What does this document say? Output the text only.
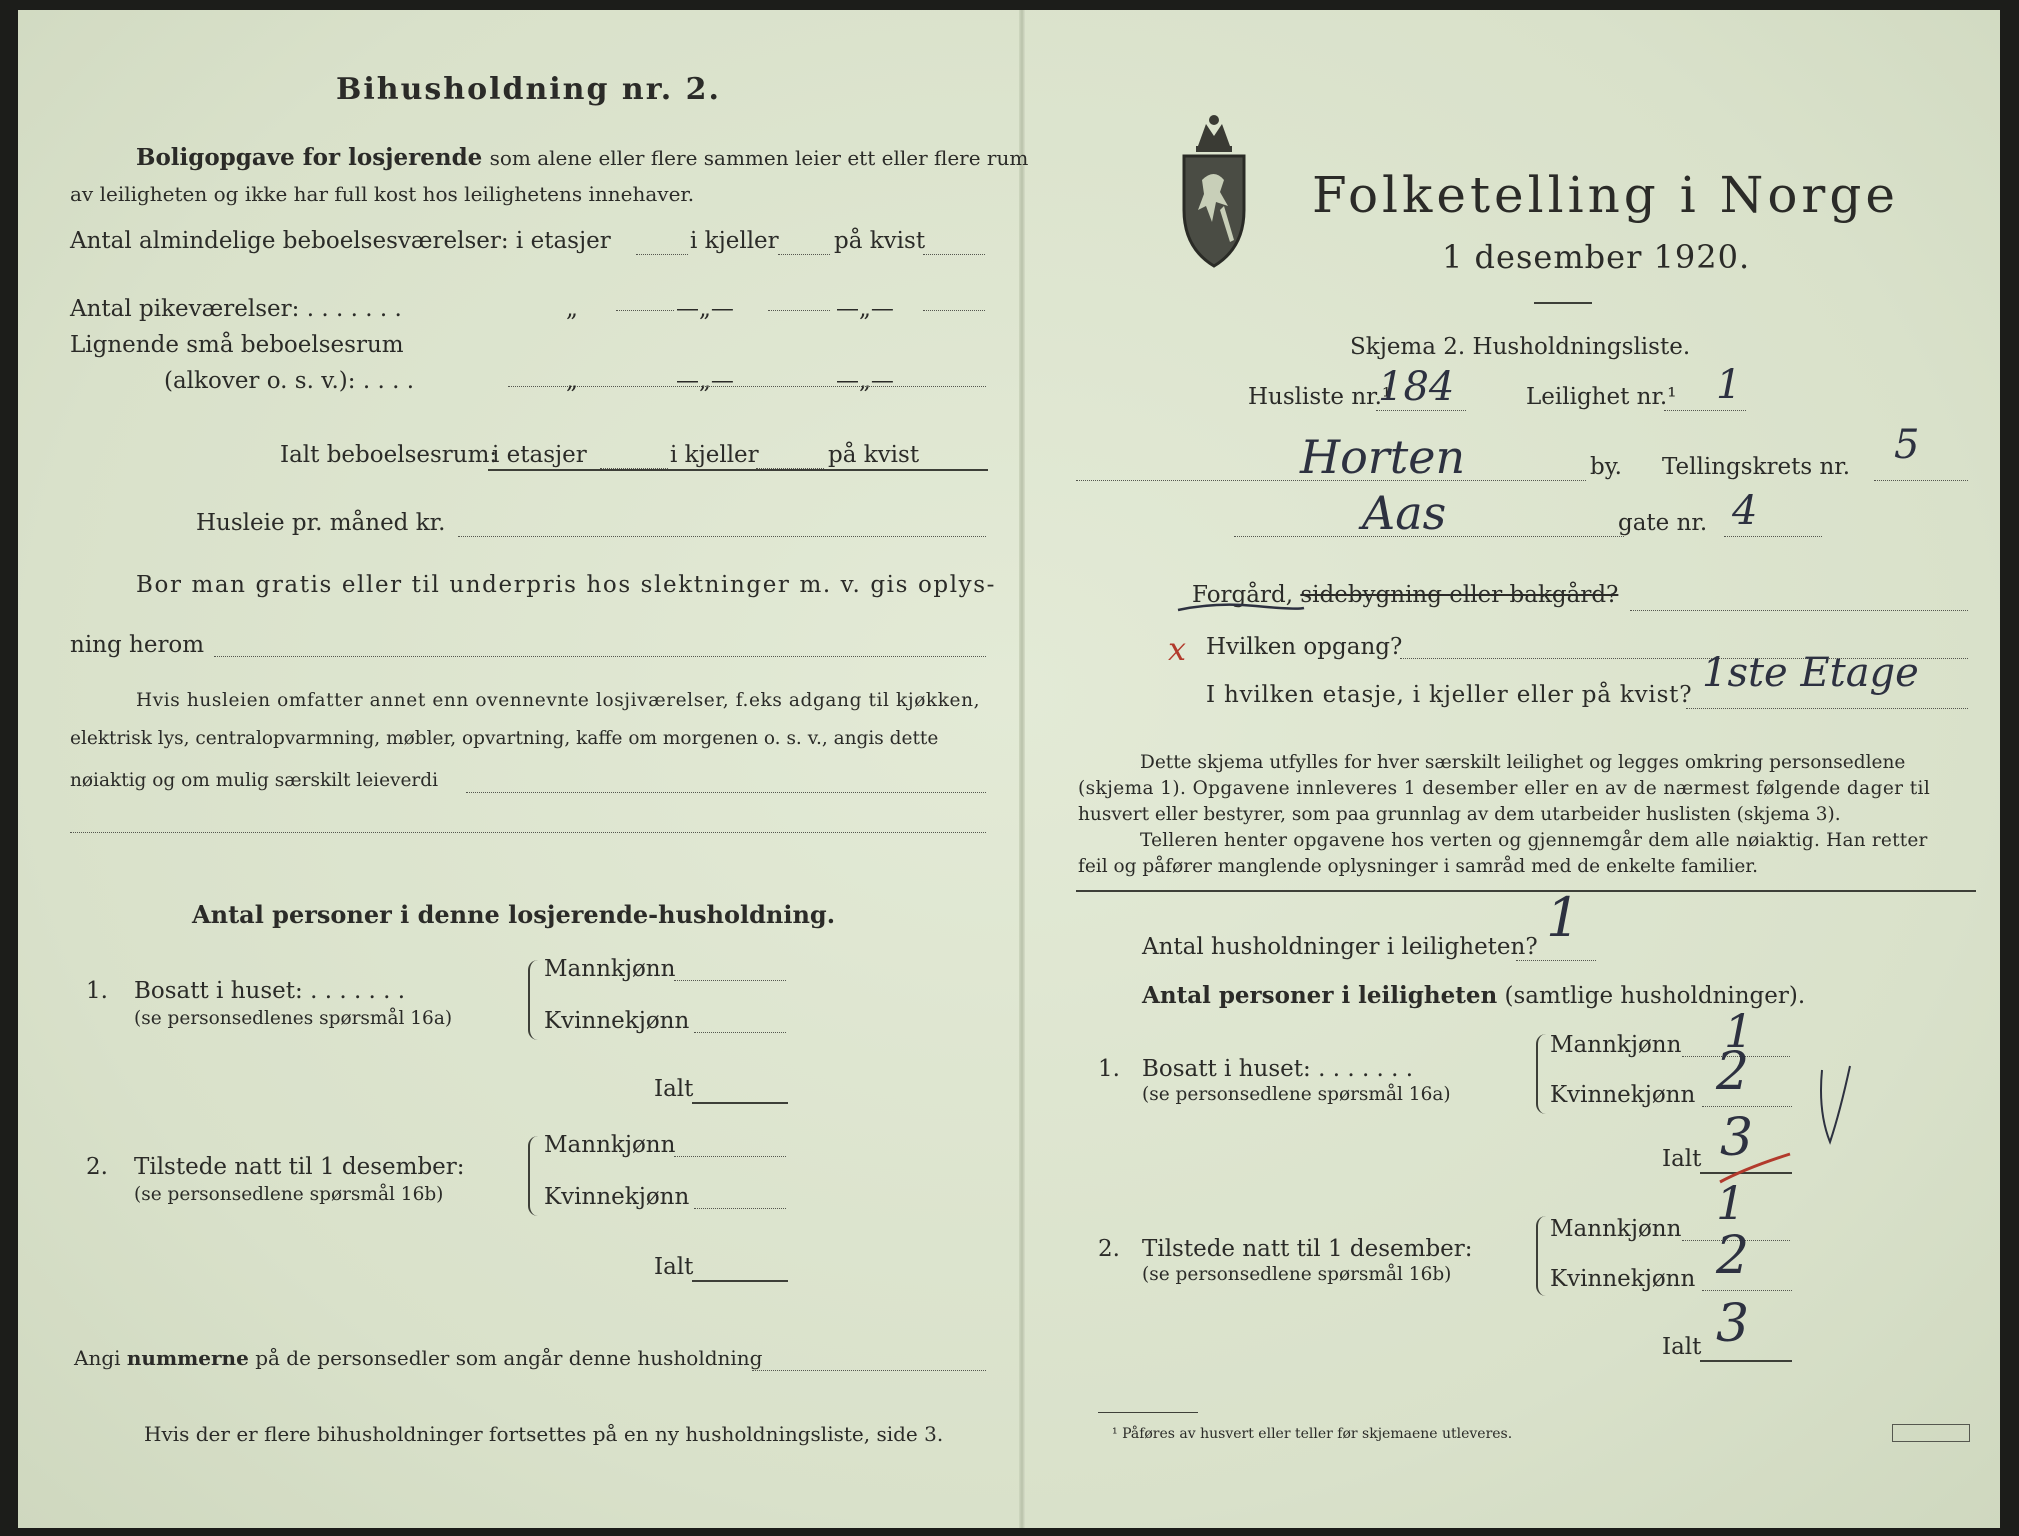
Bihusholdning nr. 2.
Boligopgave for losjerende som alene eller flere sammen leier ett eller flere rum
av leiligheten og ikke har full kost hos leilighetens innehaver.
Antal almindelige beboelsesværelser: i etasjer	i kjeller på kvist
Antal pikeværelser: . . . . . . .	„	—„—	—„—
Lignende små beboelsesrum
(alkover o. s. v.): . . . .	„	—„—	—„—
Ialt beboelsesrum:
i etasjer	i kjeller	på kvist
Husleie pr. måned kr.
Bor man gratis eller til underpris hos slektninger m. v. gis oplys-
ning herom
Hvis husleien omfatter annet enn ovennevnte losjiværelser, f.eks adgang til kjøkken,
elektrisk lys, centralopvarmning, møbler, opvartning, kaffe om morgenen o. s. v., angis dette
nøiaktig og om mulig særskilt leieverdi
Antal personer i denne losjerende-husholdning.
1. Bosatt i huset: . . . . . . .
(se personsedlenes spørsmål 16a)
Mannkjønn
Kvinnekjønn
Ialt
2. Tilstede natt til 1 desember:
(se personsedlene spørsmål 16b)
Mannkjønn
Kvinnekjønn
Ialt
Angi nummerne på de personsedler som angår denne husholdning
Hvis der er flere bihusholdninger fortsettes på en ny husholdningsliste, side 3.
Folketelling i Norge
1 desember 1920.
Skjema 2. Husholdningsliste.
Husliste nr.¹
184	Leilighet nr.¹ 1
Horten	by. Tellingskrets nr. 5
Aas	gate nr. 4
Forgård, sidebygning eller bakgård?
x Hvilken opgang?
I hvilken etasje, i kjeller eller på kvist? 1ste Etage
Dette skjema utfylles for hver særskilt leilighet og legges omkring personsedlene
(skjema 1). Opgavene innleveres 1 desember eller en av de nærmest følgende dager til
husvert eller bestyrer, som paa grunnlag av dem utarbeider huslisten (skjema 3).
Telleren henter opgavene hos verten og gjennemgår dem alle nøiaktig. Han retter
feil og påfører manglende oplysninger i samråd med de enkelte familier.
Antal husholdninger i leiligheten? 1
Antal personer i leiligheten (samtlige husholdninger).
1. Bosatt i huset: . . . . . . .
(se personsedlene spørsmål 16a)
Mannkjønn 1
Kvinnekjønn 2
Ialt 3
2. Tilstede natt til 1 desember:
(se personsedlene spørsmål 16b)
Mannkjønn 1
Kvinnekjønn 2
Ialt 3
¹ Påføres av husvert eller teller før skjemaene utleveres.
